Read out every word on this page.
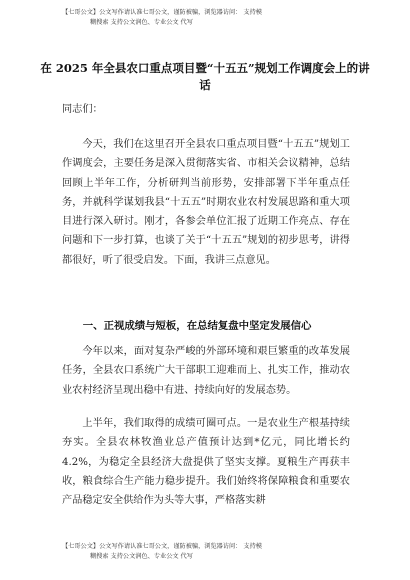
【七哥公文】公文写作请认准七哥公文，谨防被骗，浏览器访问： 支持模
糊搜索 支持公文润色、专业公文 代写
在 2025 年全县农口重点项目暨“十五五”规划工作调度会上的讲话
同志们：
今天，我们在这里召开全县农口重点项目暨“十五五”规划工作调度会，主要任务是深入贯彻落实省、市相关会议精神，总结回顾上半年工作，分析研判当前形势，安排部署下半年重点任务，并就科学谋划我县“十五五”时期农业农村发展思路和重大项目进行深入研讨。刚才，各参会单位汇报了近期工作亮点、存在问题和下一步打算，也谈了关于“十五五”规划的初步思考，讲得都很好，听了很受启发。下面，我讲三点意见。
一、正视成绩与短板，在总结复盘中坚定发展信心
今年以来，面对复杂严峻的外部环境和艰巨繁重的改革发展任务，全县农口系统广大干部职工迎难而上、扎实工作，推动农业农村经济呈现出稳中有进、持续向好的发展态势。
上半年，我们取得的成绩可圈可点。一是农业生产根基持续夯实。全县农林牧渔业总产值预计达到*亿元，同比增长约 4.2%，为稳定全县经济大盘提供了坚实支撑。夏粮生产再获丰收，粮食综合生产能力稳步提升。我们始终将保障粮食和重要农产品稳定安全供给作为头等大事，严格落实耕
【七哥公文】公文写作请认准七哥公文，谨防被骗，浏览器访问： 支持模
糊搜索 支持公文润色、专业公文 代写
